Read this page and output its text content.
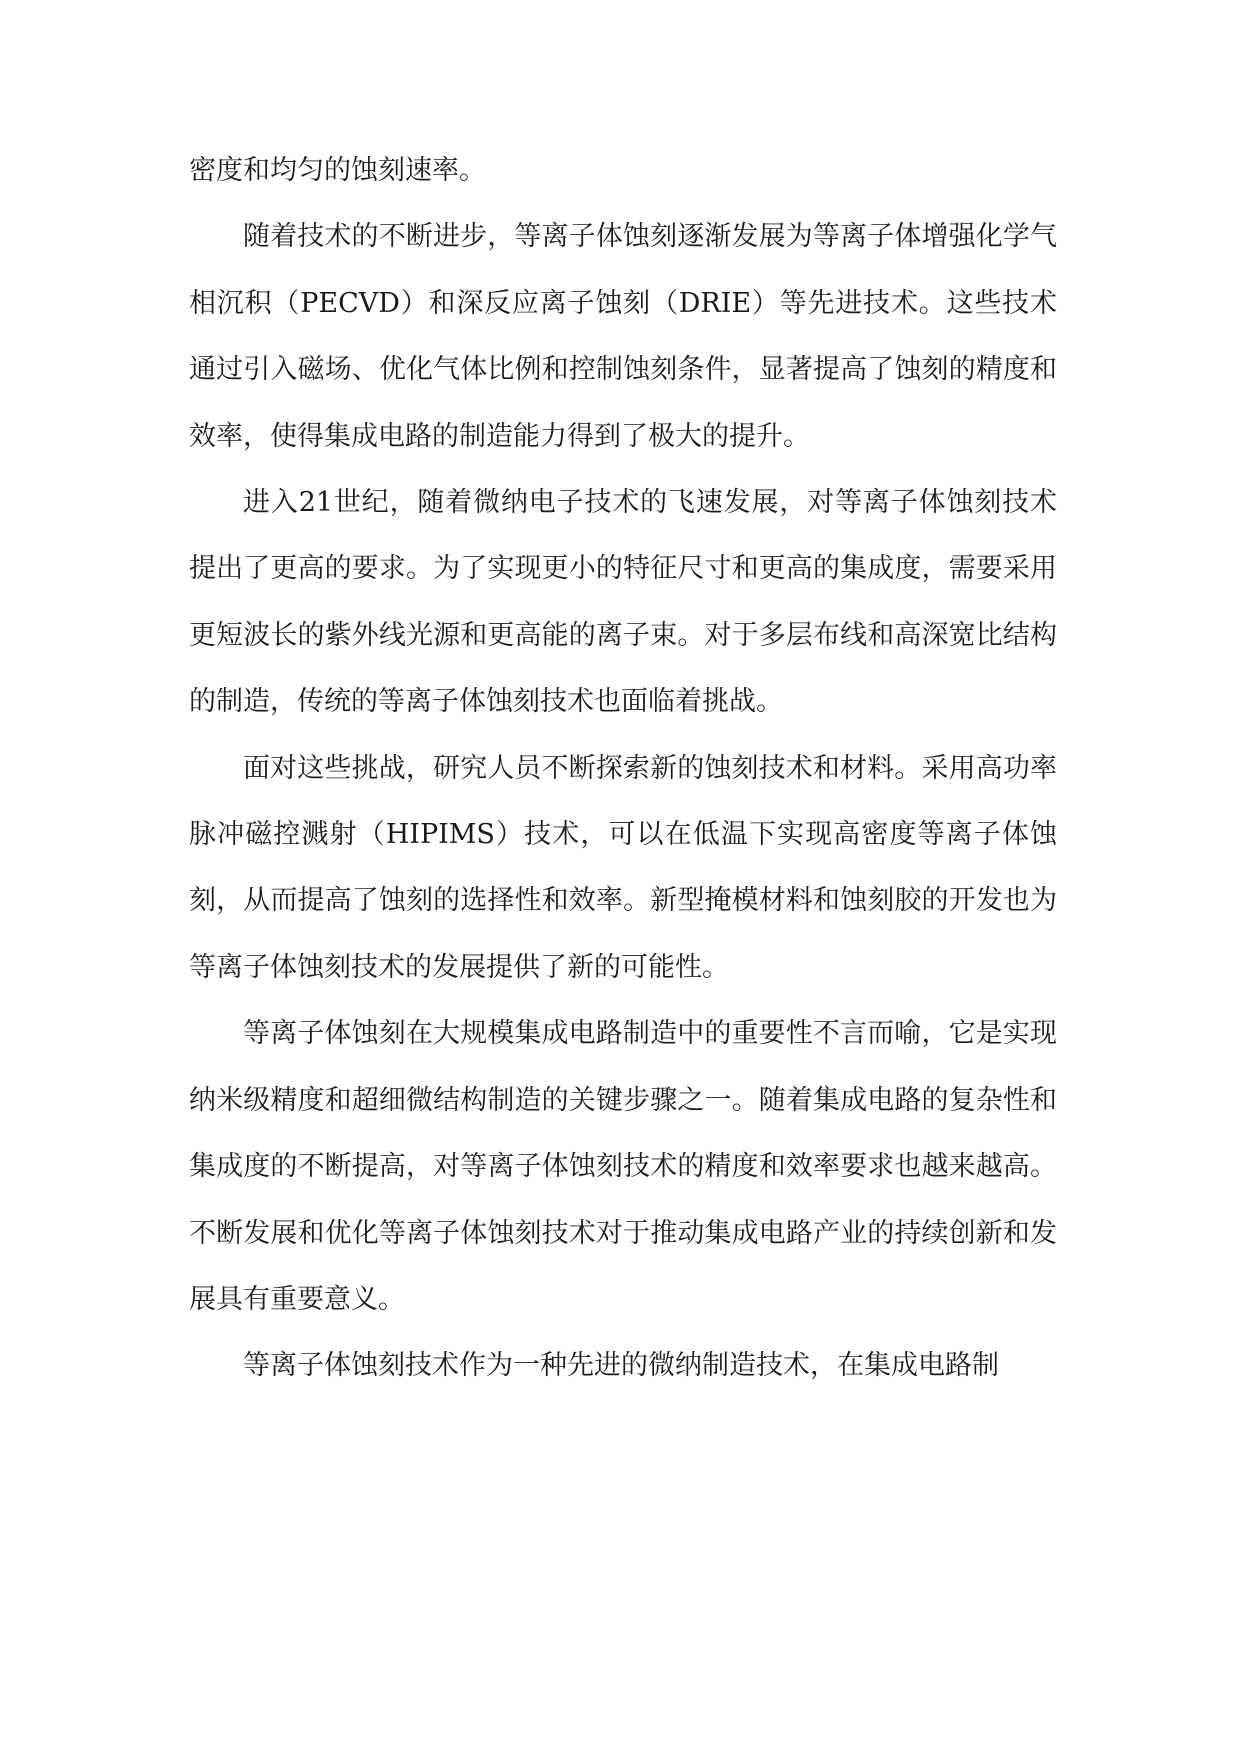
密度和均匀的蚀刻速率。

随着技术的不断进步，等离子体蚀刻逐渐发展为等离子体增强化学气相沉积（PECVD）和深反应离子蚀刻（DRIE）等先进技术。这些技术通过引入磁场、优化气体比例和控制蚀刻条件，显著提高了蚀刻的精度和效率，使得集成电路的制造能力得到了极大的提升。

进入21世纪，随着微纳电子技术的飞速发展，对等离子体蚀刻技术提出了更高的要求。为了实现更小的特征尺寸和更高的集成度，需要采用更短波长的紫外线光源和更高能的离子束。对于多层布线和高深宽比结构的制造，传统的等离子体蚀刻技术也面临着挑战。

面对这些挑战，研究人员不断探索新的蚀刻技术和材料。采用高功率脉冲磁控溅射（HIPIMS）技术，可以在低温下实现高密度等离子体蚀刻，从而提高了蚀刻的选择性和效率。新型掩模材料和蚀刻胶的开发也为等离子体蚀刻技术的发展提供了新的可能性。

等离子体蚀刻在大规模集成电路制造中的重要性不言而喻，它是实现纳米级精度和超细微结构制造的关键步骤之一。随着集成电路的复杂性和集成度的不断提高，对等离子体蚀刻技术的精度和效率要求也越来越高。不断发展和优化等离子体蚀刻技术对于推动集成电路产业的持续创新和发展具有重要意义。

等离子体蚀刻技术作为一种先进的微纳制造技术，在集成电路制
